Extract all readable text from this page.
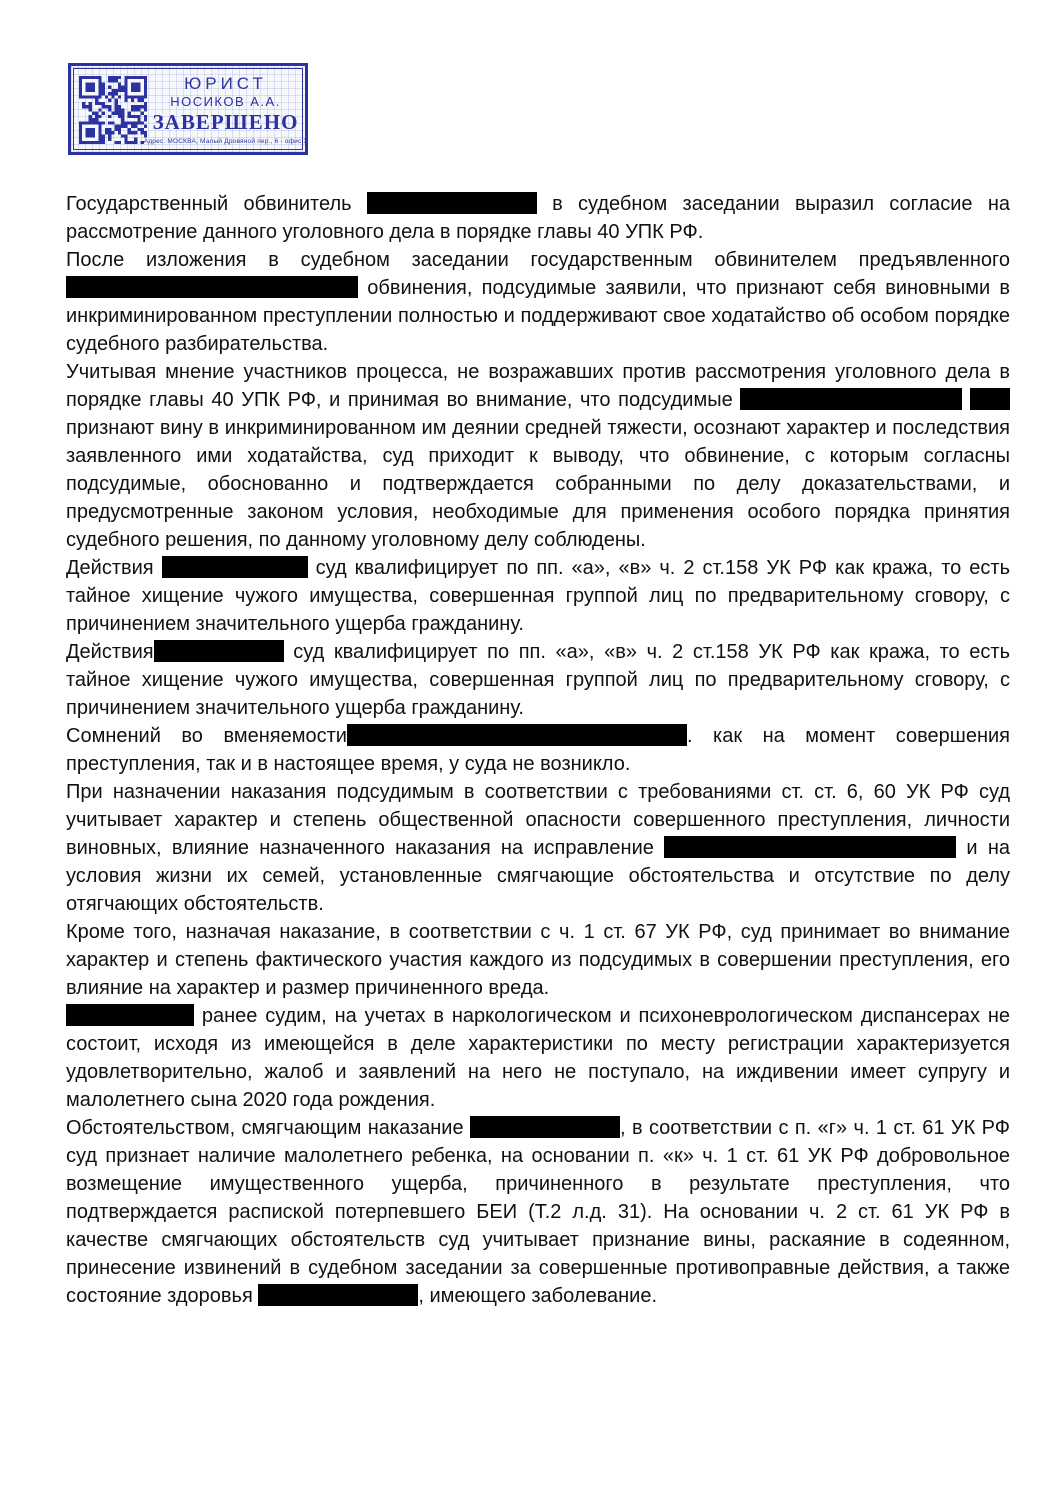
ЮРИСТ
НОСИКОВ А.А.
ЗАВЕРШЕНО
Адрес: МОСКВА, Малый Дровяной пер., 6 - офис 3

Государственный обвинитель	в судебном заседании выразил согласие на рассмотрение данного уголовного дела в порядке главы 40 УПК РФ.

После изложения в судебном заседании государственным обвинителем предъявленного  обвинения, подсудимые заявили, что признают себя виновными в инкриминированном преступлении полностью и поддерживают свое ходатайство об особом порядке судебного разбирательства.

Учитывая мнение участников процесса, не возражавших против рассмотрения уголовного дела в порядке главы 40 УПК РФ, и принимая во внимание, что подсудимые   признают вину в инкриминированном им деянии средней тяжести, осознают характер и последствия заявленного ими ходатайства, суд приходит к выводу, что обвинение, с которым согласны подсудимые, обоснованно и подтверждается собранными по делу доказательствами, и предусмотренные законом условия, необходимые для применения особого порядка принятия судебного решения, по данному уголовному делу соблюдены.

Действия	суд квалифицирует по пп. «а», «в» ч. 2 ст.158 УК РФ как кража, то есть тайное хищение чужого имущества, совершенная группой лиц по предварительному сговору, с причинением значительного ущерба гражданину.

Действия	суд квалифицирует по пп. «а», «в» ч. 2 ст.158 УК РФ как кража, то есть тайное хищение чужого имущества, совершенная группой лиц по предварительному сговору, с причинением значительного ущерба гражданину.

Сомнений во вменяемости	. как на момент совершения преступления, так и в настоящее время, у суда не возникло.

При назначении наказания подсудимым в соответствии с требованиями ст. ст. 6, 60 УК РФ суд учитывает характер и степень общественной опасности совершенного преступления, личности виновных, влияние назначенного наказания на исправление	и на условия жизни их семей, установленные смягчающие обстоятельства и отсутствие по делу отягчающих обстоятельств.

Кроме того, назначая наказание, в соответствии с ч. 1 ст. 67 УК РФ, суд принимает во внимание характер и степень фактического участия каждого из подсудимых в совершении преступления, его влияние на характер и размер причиненного вреда.

ранее судим, на учетах в наркологическом и психоневрологическом диспансерах не состоит, исходя из имеющейся в деле характеристики по месту регистрации характеризуется удовлетворительно, жалоб и заявлений на него не поступало, на иждивении имеет супругу и малолетнего сына 2020 года рождения.

Обстоятельством, смягчающим наказание	, в соответствии с п. «г» ч. 1 ст. 61 УК РФ суд признает наличие малолетнего ребенка, на основании п. «к» ч. 1 ст. 61 УК РФ добровольное возмещение имущественного ущерба, причиненного в результате преступления, что подтверждается распиской потерпевшего БЕИ (Т.2 л.д. 31). На основании ч. 2 ст. 61 УК РФ в качестве смягчающих обстоятельств суд учитывает признание вины, раскаяние в содеянном, принесение извинений в судебном заседании за совершенные противоправные действия, а также состояние здоровья	, имеющего заболевание.
